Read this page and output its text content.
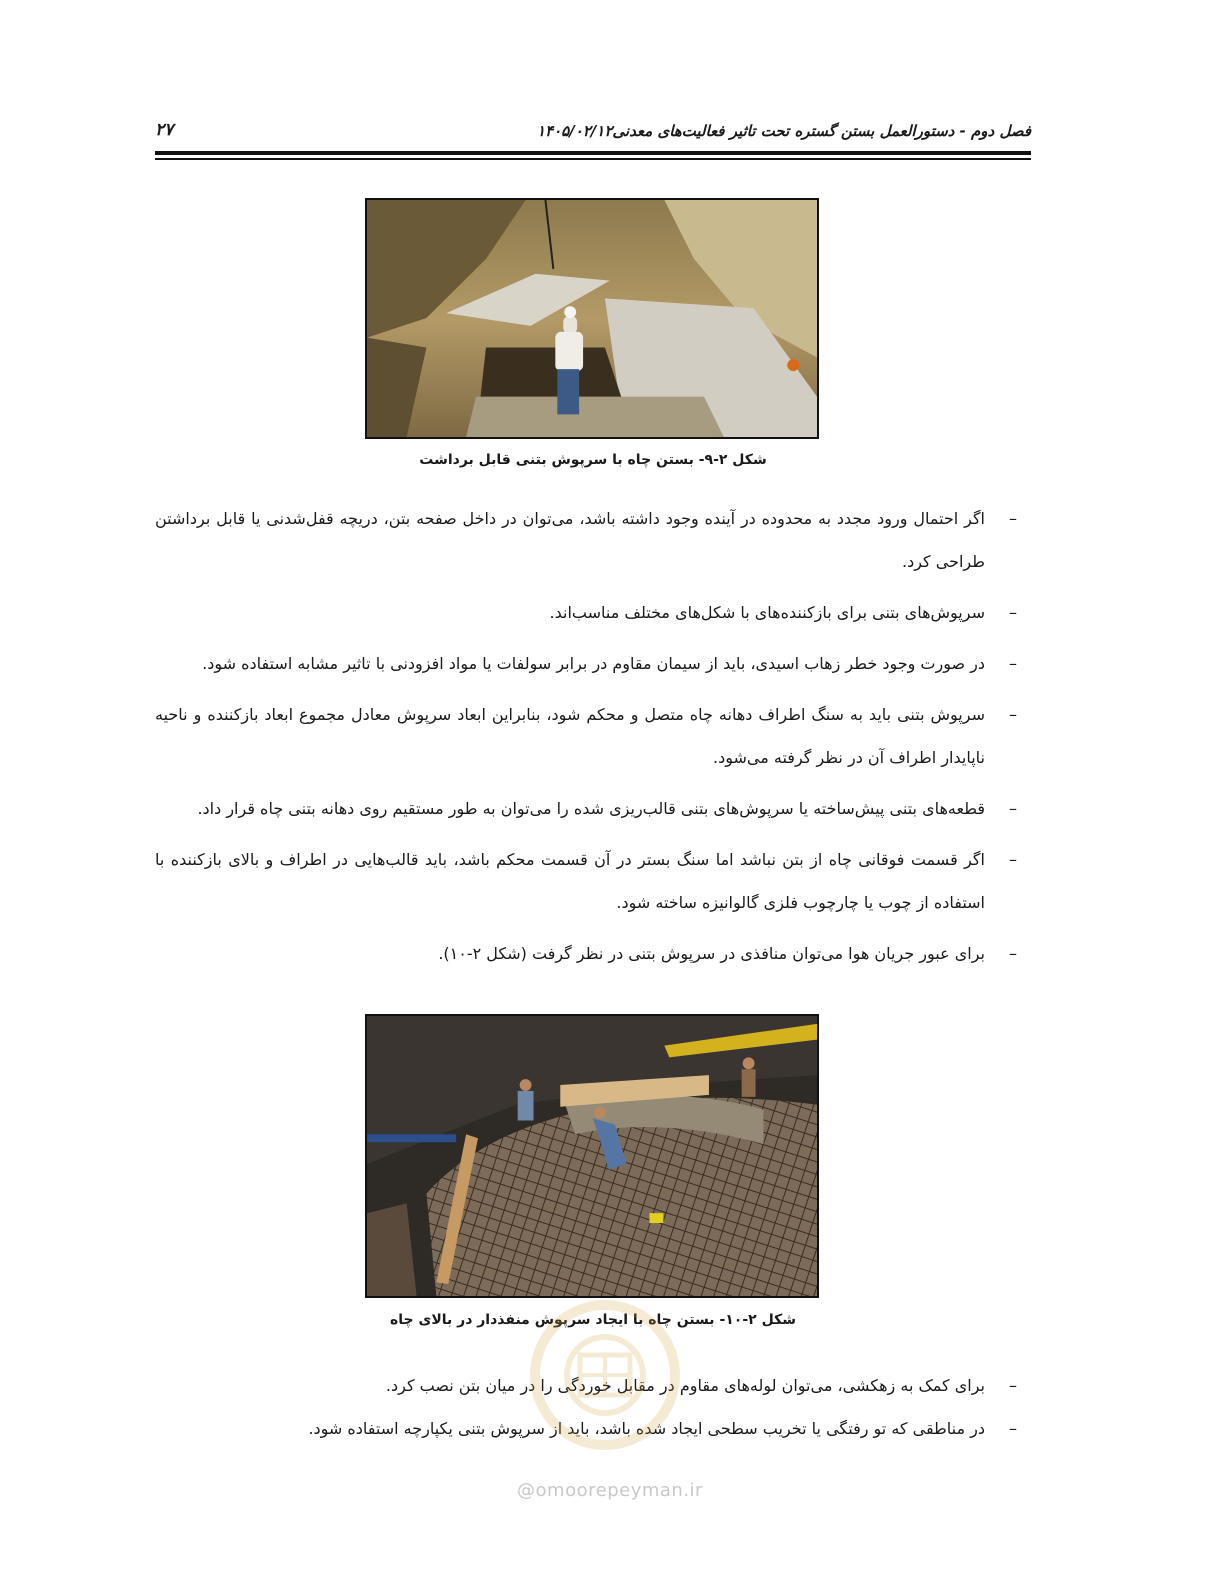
فصل دوم - دستورالعمل بستن گستره تحت تاثیر فعالیت‌های معدنی۱۴۰۵/۰۲/۱۲
۲۷
شکل ۲-۹- بستن چاه با سرپوش بتنی قابل برداشت
–
اگر احتمال ورود مجدد به محدوده در آینده وجود داشته باشد، می‌توان در داخل صفحه بتن، دریچه قفل‌شدنی یا قابل برداشتن طراحی کرد.
–
سرپوش‌های بتنی برای بازکننده‌های با شکل‌های مختلف مناسب‌اند.
–
در صورت وجود خطر زهاب اسیدی، باید از سیمان مقاوم در برابر سولفات یا مواد افزودنی با تاثیر مشابه استفاده شود.
–
سرپوش بتنی باید به سنگ اطراف دهانه چاه متصل و محکم شود، بنابراین ابعاد سرپوش معادل مجموع ابعاد بازکننده و ناحیه ناپایدار اطراف آن در نظر گرفته می‌شود.
–
قطعه‌های بتنی پیش‌ساخته یا سرپوش‌های بتنی قالب‌ریزی شده را می‌توان به طور مستقیم روی دهانه بتنی چاه قرار داد.
–
اگر قسمت فوقانی چاه از بتن نباشد اما سنگ بستر در آن قسمت محکم باشد، باید قالب‌هایی در اطراف و بالای بازکننده با استفاده از چوب یا چارچوب فلزی گالوانیزه ساخته شود.
–
برای عبور جریان هوا می‌توان منافذی در سرپوش بتنی در نظر گرفت (شکل ۲-۱۰).
شکل ۲-۱۰- بستن چاه با ایجاد سرپوش منفذدار در بالای چاه
–
برای کمک به زهکشی، می‌توان لوله‌های مقاوم در مقابل خوردگی را در میان بتن نصب کرد.
–
در مناطقی که تو رفتگی یا تخریب سطحی ایجاد شده باشد، باید از سرپوش بتنی یکپارچه استفاده شود.
@omoorepeyman.ir
